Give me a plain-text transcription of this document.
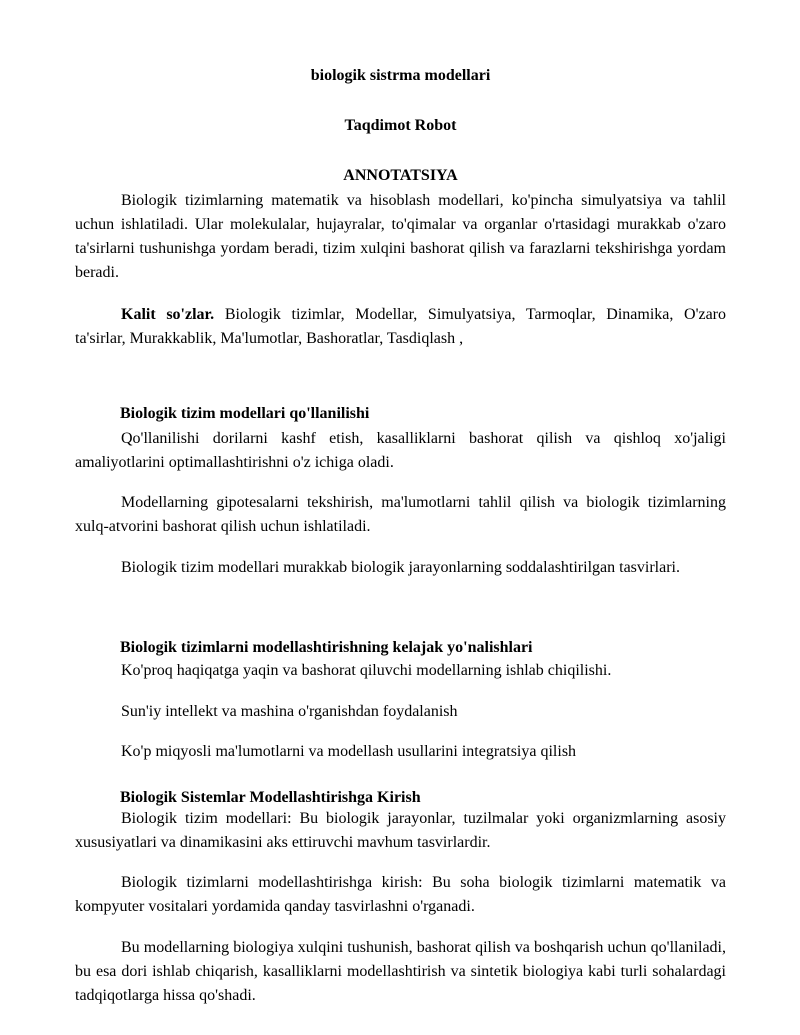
biologik sistrma modellari
Taqdimot Robot
ANNOTATSIYA
Biologik tizimlarning matematik va hisoblash modellari, ko'pincha simulyatsiya va tahlil uchun ishlatiladi. Ular molekulalar, hujayralar, to'qimalar va organlar o'rtasidagi murakkab o'zaro ta'sirlarni tushunishga yordam beradi, tizim xulqini bashorat qilish va farazlarni tekshirishga yordam beradi.
Kalit so'zlar. Biologik tizimlar, Modellar, Simulyatsiya, Tarmoqlar, Dinamika, O'zaro ta'sirlar, Murakkablik, Ma'lumotlar, Bashoratlar, Tasdiqlash ,
Biologik tizim modellari qo'llanilishi
Qo'llanilishi dorilarni kashf etish, kasalliklarni bashorat qilish va qishloq xo'jaligi amaliyotlarini optimallashtirishni o'z ichiga oladi.
Modellarning gipotesalarni tekshirish, ma'lumotlarni tahlil qilish va biologik tizimlarning xulq-atvorini bashorat qilish uchun ishlatiladi.
Biologik tizim modellari murakkab biologik jarayonlarning soddalashtirilgan tasvirlari.
Biologik tizimlarni modellashtirishning kelajak yo'nalishlari
Ko'proq haqiqatga yaqin va bashorat qiluvchi modellarning ishlab chiqilishi.
Sun'iy intellekt va mashina o'rganishdan foydalanish
Ko'p miqyosli ma'lumotlarni va modellash usullarini integratsiya qilish
Biologik Sistemlar Modellashtirishga Kirish
Biologik tizim modellari: Bu biologik jarayonlar, tuzilmalar yoki organizmlarning asosiy xususiyatlari va dinamikasini aks ettiruvchi mavhum tasvirlardir.
Biologik tizimlarni modellashtirishga kirish: Bu soha biologik tizimlarni matematik va kompyuter vositalari yordamida qanday tasvirlashni o'rganadi.
Bu modellarning biologiya xulqini tushunish, bashorat qilish va boshqarish uchun qo'llaniladi, bu esa dori ishlab chiqarish, kasalliklarni modellashtirish va sintetik biologiya kabi turli sohalardagi tadqiqotlarga hissa qo'shadi.
